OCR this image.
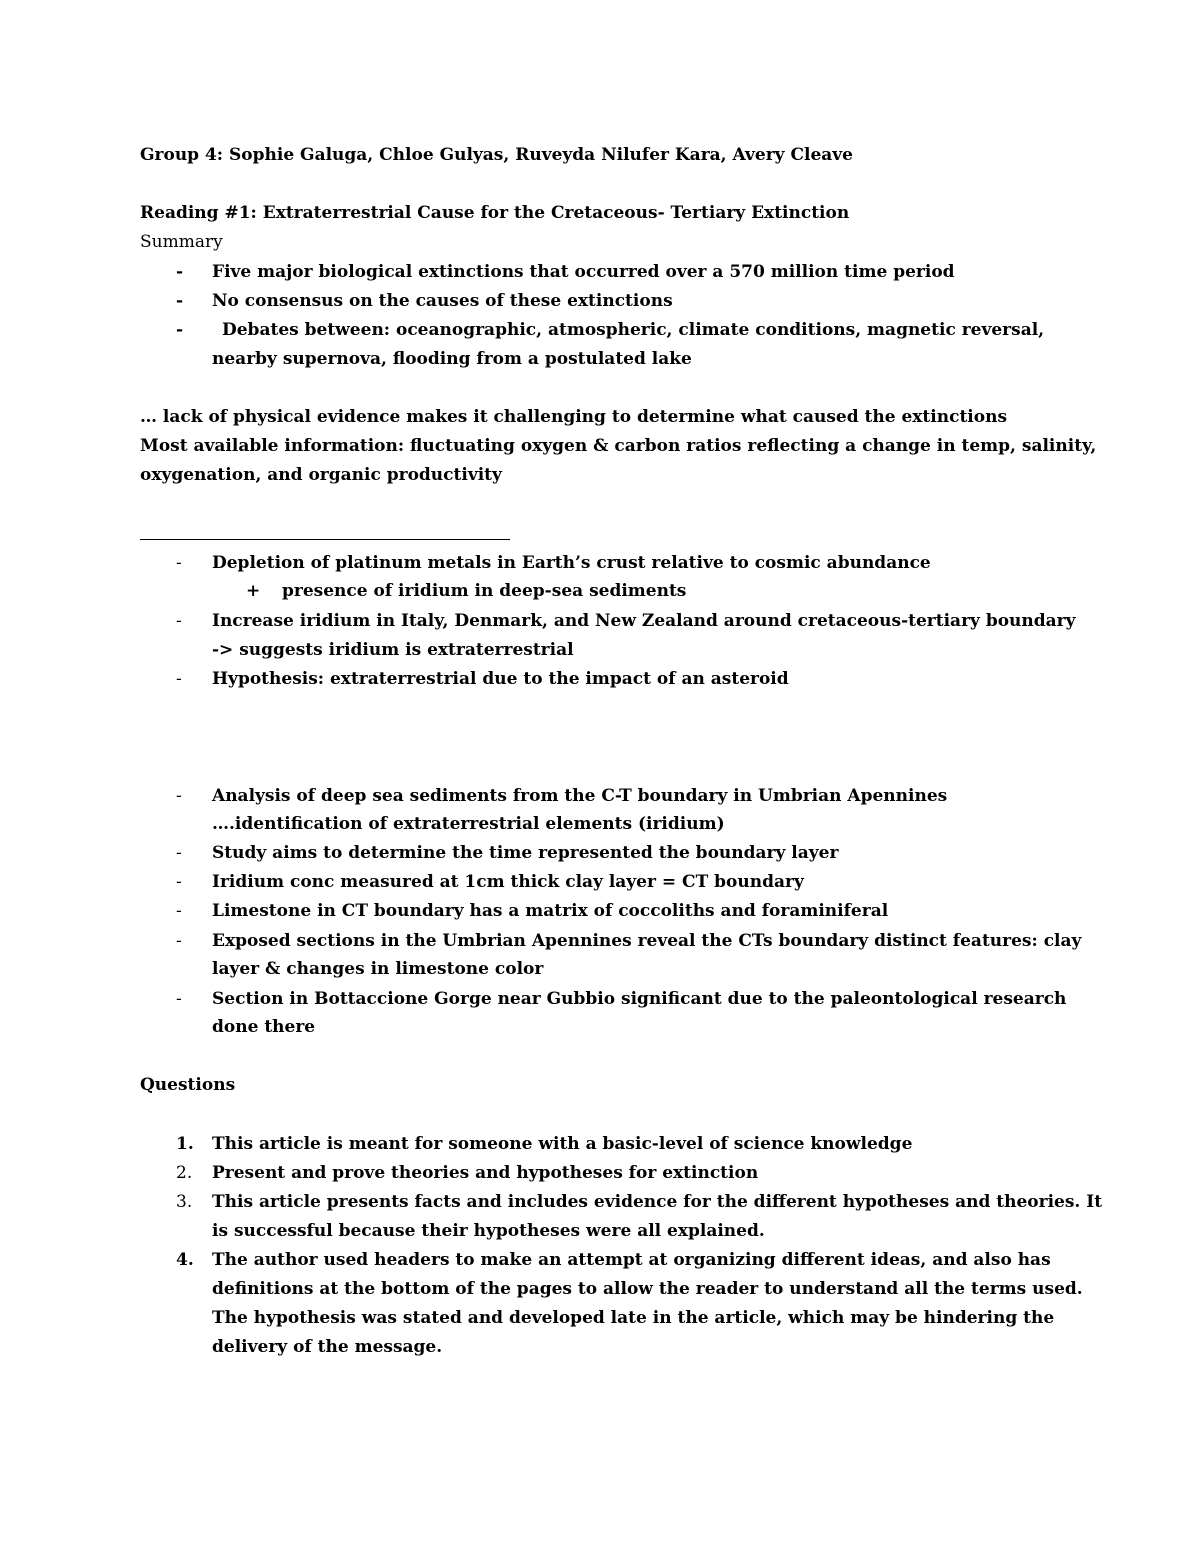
Group 4: Sophie Galuga, Chloe Gulyas, Ruveyda Nilufer Kara, Avery Cleave
Reading #1: Extraterrestrial Cause for the Cretaceous- Tertiary Extinction
Summary
- Five major biological extinctions that occurred over a 570 million time period
- No consensus on the causes of these extinctions
- Debates between: oceanographic, atmospheric, climate conditions, magnetic reversal,
nearby supernova, flooding from a postulated lake
… lack of physical evidence makes it challenging to determine what caused the extinctions
Most available information: fluctuating oxygen & carbon ratios reflecting a change in temp, salinity,
oxygenation, and organic productivity
- Depletion of platinum metals in Earth’s crust relative to cosmic abundance
+ presence of iridium in deep-sea sediments
- Increase iridium in Italy, Denmark, and New Zealand around cretaceous-tertiary boundary
-> suggests iridium is extraterrestrial
- Hypothesis: extraterrestrial due to the impact of an asteroid
- Analysis of deep sea sediments from the C-T boundary in Umbrian Apennines
….identification of extraterrestrial elements (iridium)
- Study aims to determine the time represented the boundary layer
- Iridium conc measured at 1cm thick clay layer = CT boundary
- Limestone in CT boundary has a matrix of coccoliths and foraminiferal
- Exposed sections in the Umbrian Apennines reveal the CTs boundary distinct features: clay
layer & changes in limestone color
- Section in Bottaccione Gorge near Gubbio significant due to the paleontological research
done there
Questions
1. This article is meant for someone with a basic-level of science knowledge
2. Present and prove theories and hypotheses for extinction
3. This article presents facts and includes evidence for the different hypotheses and theories. It
is successful because their hypotheses were all explained.
4. The author used headers to make an attempt at organizing different ideas, and also has
definitions at the bottom of the pages to allow the reader to understand all the terms used.
The hypothesis was stated and developed late in the article, which may be hindering the
delivery of the message.
